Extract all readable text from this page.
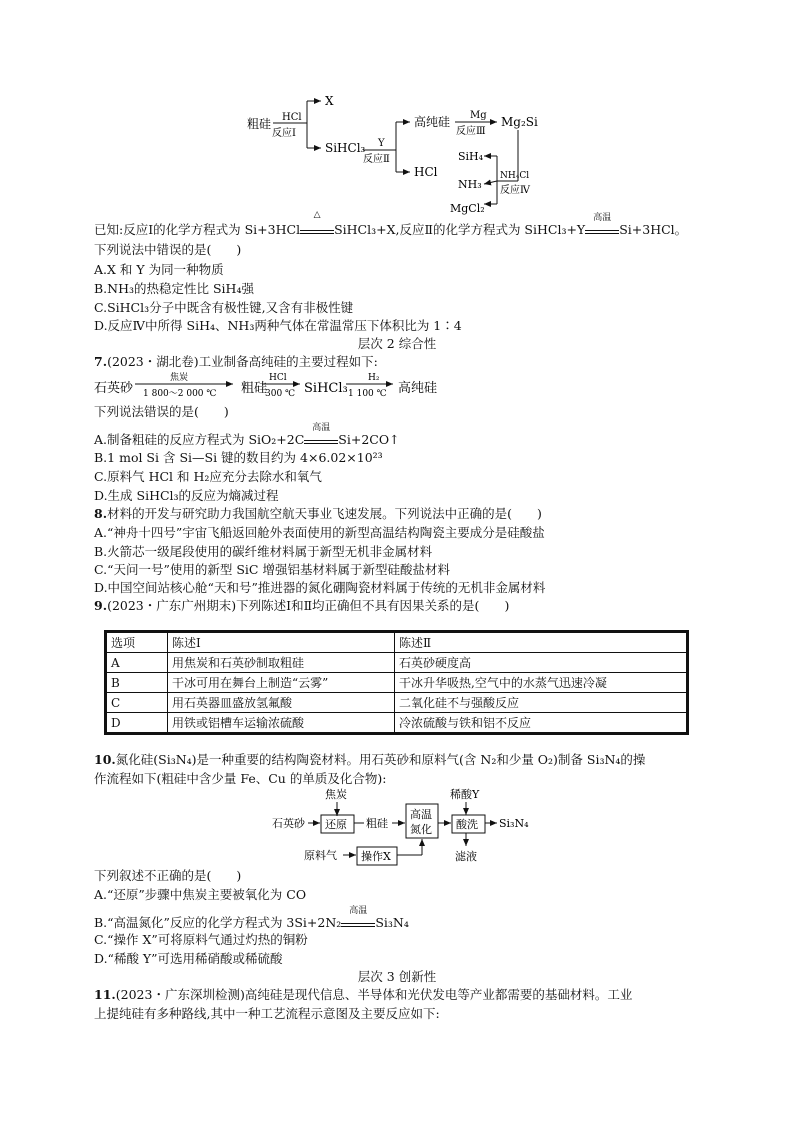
粗硅 HCl
反应Ⅰ
X
SiHCl₃ Y
反应Ⅱ
高纯硅 Mg
反应Ⅲ
Mg₂Si
HCl
SiH₄
NH₃
NH₄Cl
反应Ⅳ
MgCl₂
已知:反应Ⅰ的化学方程式为 Si+3HCl
△
SiHCl₃+X,反应Ⅱ的化学方程式为 SiHCl₃+Y
高温
Si+3HCl。
下列说法中错误的是(　　)
A.X 和 Y 为同一种物质
B.NH₃的热稳定性比 SiH₄强
C.SiHCl₃分子中既含有极性键,又含有非极性键
D.反应Ⅳ中所得 SiH₄、NH₃两种气体在常温常压下体积比为 1∶4
层次 2 综合性
7.(2023・湖北卷)工业制备高纯硅的主要过程如下:
石英砂
焦炭
1 800～2 000 ℃ 粗硅
HCl
300 ℃ SiHCl₃
H₂
1 100 ℃ 高纯硅
下列说法错误的是(　　)
A.制备粗硅的反应方程式为 SiO₂+2C
高温
Si+2CO↑
B.1 mol Si 含 Si—Si 键的数目约为 4×6.02×10²³
C.原料气 HCl 和 H₂应充分去除水和氧气
D.生成 SiHCl₃的反应为熵减过程
8.材料的开发与研究助力我国航空航天事业飞速发展。下列说法中正确的是(　　)
A.“神舟十四号”宇宙飞船返回舱外表面使用的新型高温结构陶瓷主要成分是硅酸盐
B.火箭芯一级尾段使用的碳纤维材料属于新型无机非金属材料
C.“天问一号”使用的新型 SiC 增强铝基材料属于新型硅酸盐材料
D.中国空间站核心舱“天和号”推进器的氮化硼陶瓷材料属于传统的无机非金属材料
9.(2023・广东广州期末)下列陈述Ⅰ和Ⅱ均正确但不具有因果关系的是(　　)
选项	陈述Ⅰ	陈述Ⅱ
A	用焦炭和石英砂制取粗硅	石英砂硬度高
B	干冰可用在舞台上制造“云雾”	干冰升华吸热,空气中的水蒸气迅速冷凝
C	用石英器皿盛放氢氟酸	二氧化硅不与强酸反应
D	用铁或铝槽车运输浓硫酸	冷浓硫酸与铁和铝不反应
10.氮化硅(Si₃N₄)是一种重要的结构陶瓷材料。用石英砂和原料气(含 N₂和少量 O₂)制备 Si₃N₄的操
作流程如下(粗硅中含少量 Fe、Cu 的单质及化合物):
焦炭
石英砂 还原 粗硅
高温
氮化
稀酸Y
酸洗 Si₃N₄
滤液
原料气 操作X
下列叙述不正确的是(　　)
A.“还原”步骤中焦炭主要被氧化为 CO
B.“高温氮化”反应的化学方程式为 3Si+2N₂
高温
Si₃N₄
C.“操作 X”可将原料气通过灼热的铜粉
D.“稀酸 Y”可选用稀硝酸或稀硫酸
层次 3 创新性
11.(2023・广东深圳检测)高纯硅是现代信息、半导体和光伏发电等产业都需要的基础材料。工业
上提纯硅有多种路线,其中一种工艺流程示意图及主要反应如下:
